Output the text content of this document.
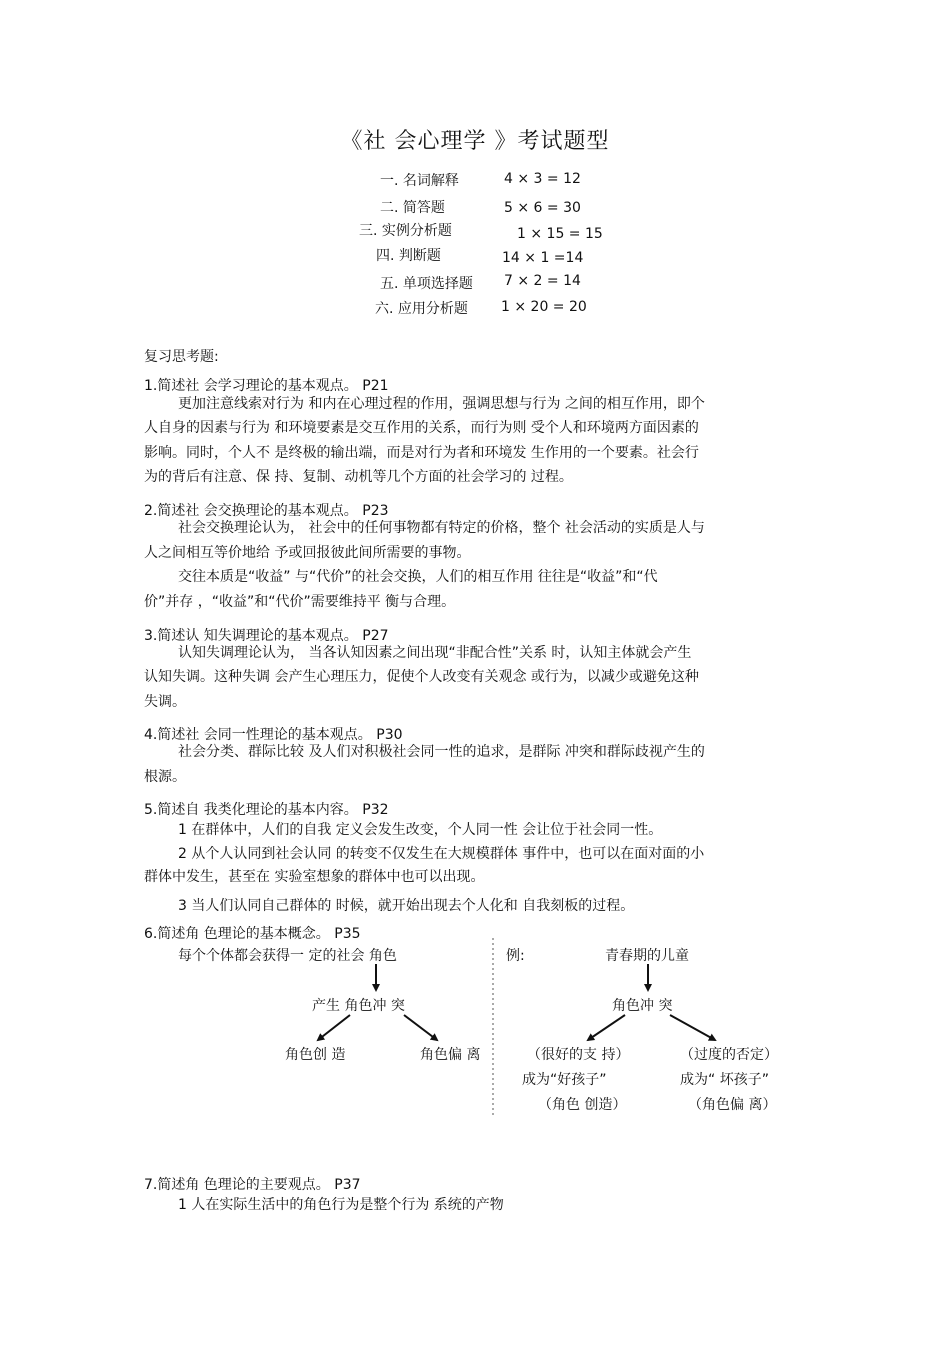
《社 会心理学 》考试题型
一. 名词解释	4 × 3 = 12
二. 简答题	5 × 6 = 30
三. 实例分析题	1 × 15 = 15
四. 判断题	14 × 1 =14
五. 单项选择题 7 × 2 = 14
六. 应用分析题 1 × 20 = 20
复习思考题:
1.简述社 会学习理论的基本观点。 P21
更加注意线索对行为 和内在心理过程的作用，强调思想与行为 之间的相互作用，即个
人自身的因素与行为 和环境要素是交互作用的关系，而行为则 受个人和环境两方面因素的
影响。同时，个人不 是终极的输出端，而是对行为者和环境发 生作用的一个要素。社会行
为的背后有注意、保 持、复制、动机等几个方面的社会学习的 过程。
2.简述社 会交换理论的基本观点。 P23
社会交换理论认为， 社会中的任何事物都有特定的价格，整个 社会活动的实质是人与
人之间相互等价地给 予或回报彼此间所需要的事物。
交往本质是“收益” 与“代价”的社会交换，人们的相互作用 往往是“收益”和“代
价”并存 ，“收益”和“代价”需要维持平 衡与合理。
3.简述认 知失调理论的基本观点。 P27
认知失调理论认为， 当各认知因素之间出现“非配合性”关系 时，认知主体就会产生
认知失调。这种失调 会产生心理压力，促使个人改变有关观念 或行为，以减少或避免这种
失调。
4.简述社 会同一性理论的基本观点。 P30
社会分类、群际比较 及人们对积极社会同一性的追求，是群际 冲突和群际歧视产生的
根源。
5.简述自 我类化理论的基本内容。 P32
1 在群体中，人们的自我 定义会发生改变，个人同一性 会让位于社会同一性。
2 从个人认同到社会认同 的转变不仅发生在大规模群体 事件中，也可以在面对面的小
群体中发生，甚至在 实验室想象的群体中也可以出现。
3 当人们认同自己群体的 时候，就开始出现去个人化和 自我刻板的过程。
6.简述角 色理论的基本概念。 P35
每个个体都会获得一 定的社会 角色
产生 角色冲 突
角色创 造	角色偏 离
例:	青春期的儿童
角色冲 突
（很好的支 持）
成为“好孩子”
（角色 创造）
（过度的否定）
成为“ 坏孩子”
（角色偏 离）
7.简述角 色理论的主要观点。 P37
1 人在实际生活中的角色行为是整个行为 系统的产物
